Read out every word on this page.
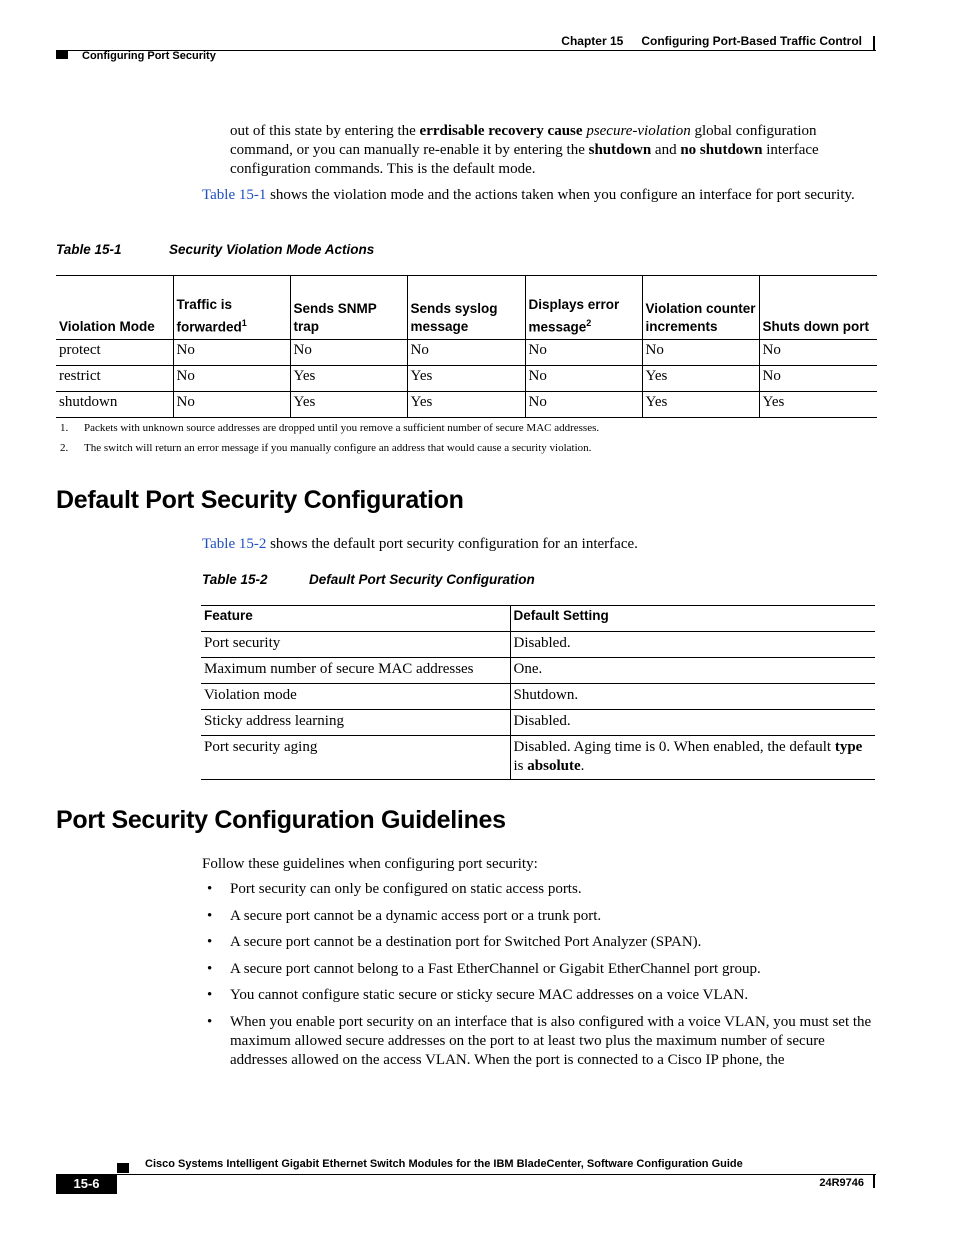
Chapter 15 Configuring Port-Based Traffic Control
Configuring Port Security
out of this state by entering the errdisable recovery cause psecure-violation global configuration command, or you can manually re-enable it by entering the shutdown and no shutdown interface configuration commands. This is the default mode.
Table 15-1 shows the violation mode and the actions taken when you configure an interface for port security.
Table 15-1	Security Violation Mode Actions
Violation Mode	Traffic is forwarded$^1$	Sends SNMP trap	Sends syslog message	Displays error message$^2$	Violation counter increments	Shuts down port
protect	No	No	No	No	No	No
restrict	No	Yes	Yes	No	Yes	No
shutdown	No	Yes	Yes	No	Yes	Yes
1. Packets with unknown source addresses are dropped until you remove a sufficient number of secure MAC addresses.
2. The switch will return an error message if you manually configure an address that would cause a security violation.
Default Port Security Configuration
Table 15-2 shows the default port security configuration for an interface.
Table 15-2	Default Port Security Configuration
Feature	Default Setting
Port security	Disabled.
Maximum number of secure MAC addresses	One.
Violation mode	Shutdown.
Sticky address learning	Disabled.
Port security aging	Disabled. Aging time is 0. When enabled, the default type is absolute.
Port Security Configuration Guidelines
Follow these guidelines when configuring port security:
• Port security can only be configured on static access ports.
• A secure port cannot be a dynamic access port or a trunk port.
• A secure port cannot be a destination port for Switched Port Analyzer (SPAN).
• A secure port cannot belong to a Fast EtherChannel or Gigabit EtherChannel port group.
• You cannot configure static secure or sticky secure MAC addresses on a voice VLAN.
• When you enable port security on an interface that is also configured with a voice VLAN, you must set the maximum allowed secure addresses on the port to at least two plus the maximum number of secure addresses allowed on the access VLAN. When the port is connected to a Cisco IP phone, the
Cisco Systems Intelligent Gigabit Ethernet Switch Modules for the IBM BladeCenter, Software Configuration Guide
15-6	24R9746
